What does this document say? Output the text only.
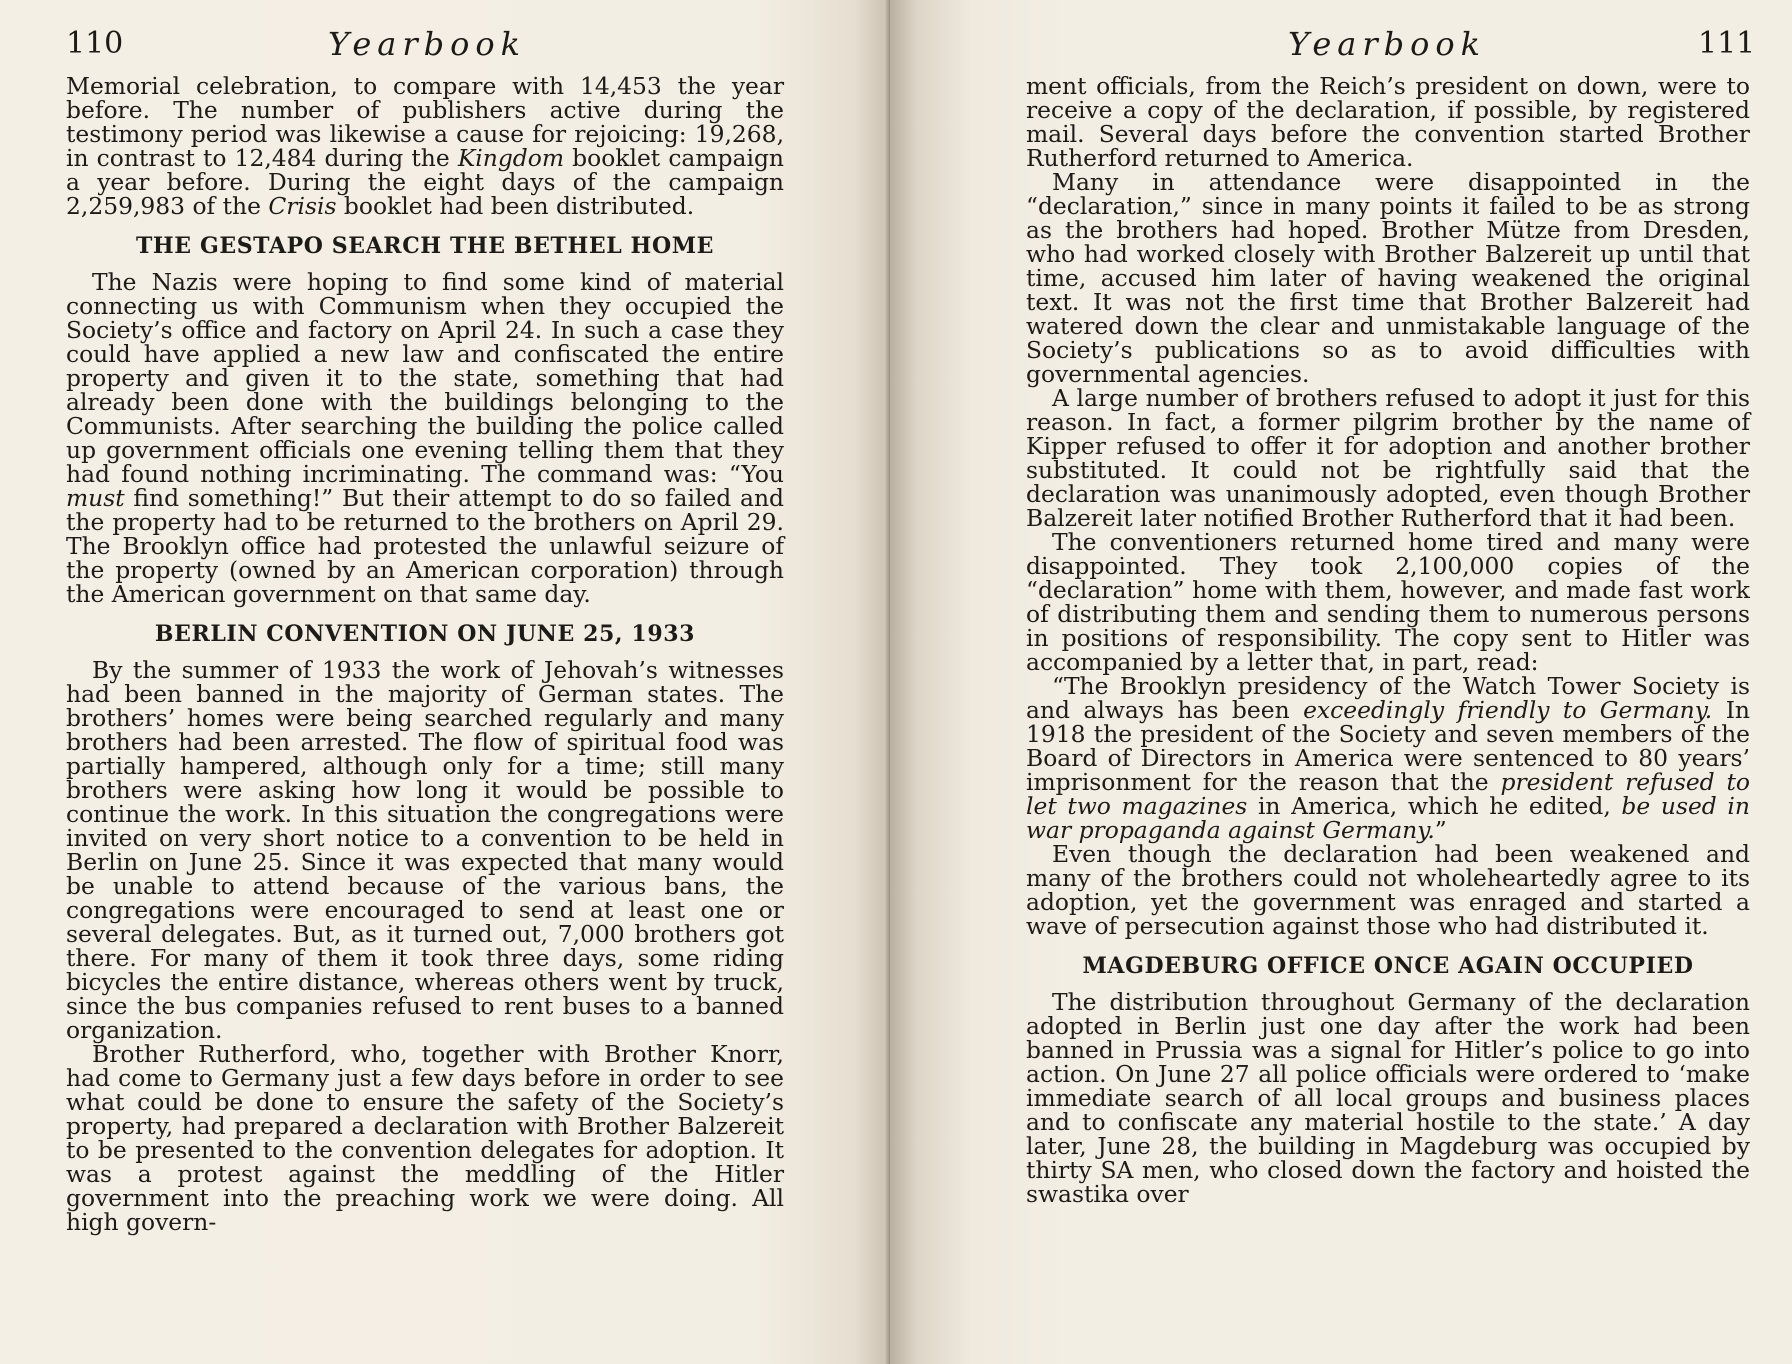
110	Yearbook

Memorial celebration, to compare with 14,453 the year before. The number of publishers active during the testimony period was likewise a cause for rejoicing: 19,268, in contrast to 12,484 during the Kingdom booklet campaign a year before. During the eight days of the campaign 2,259,983 of the Crisis booklet had been distributed.

THE GESTAPO SEARCH THE BETHEL HOME

The Nazis were hoping to find some kind of material connecting us with Communism when they occupied the Society’s office and factory on April 24. In such a case they could have applied a new law and confiscated the entire property and given it to the state, something that had already been done with the buildings belonging to the Communists. After searching the building the police called up government officials one evening telling them that they had found nothing incriminating. The command was: “You must find something!” But their attempt to do so failed and the property had to be returned to the brothers on April 29. The Brooklyn office had protested the unlawful seizure of the property (owned by an American corporation) through the American government on that same day.

BERLIN CONVENTION ON JUNE 25, 1933

By the summer of 1933 the work of Jehovah’s witnesses had been banned in the majority of German states. The brothers’ homes were being searched regularly and many brothers had been arrested. The flow of spiritual food was partially hampered, although only for a time; still many brothers were asking how long it would be possible to continue the work. In this situation the congregations were invited on very short notice to a convention to be held in Berlin on June 25. Since it was expected that many would be unable to attend because of the various bans, the congregations were encouraged to send at least one or several delegates. But, as it turned out, 7,000 brothers got there. For many of them it took three days, some riding bicycles the entire distance, whereas others went by truck, since the bus companies refused to rent buses to a banned organization.

Brother Rutherford, who, together with Brother Knorr, had come to Germany just a few days before in order to see what could be done to ensure the safety of the Society’s property, had prepared a declaration with Brother Balzereit to be presented to the convention delegates for adoption. It was a protest against the meddling of the Hitler government into the preaching work we were doing. All high govern-

Yearbook	111

ment officials, from the Reich’s president on down, were to receive a copy of the declaration, if possible, by registered mail. Several days before the convention started Brother Rutherford returned to America.

Many in attendance were disappointed in the “declaration,” since in many points it failed to be as strong as the brothers had hoped. Brother Mütze from Dresden, who had worked closely with Brother Balzereit up until that time, accused him later of having weakened the original text. It was not the first time that Brother Balzereit had watered down the clear and unmistakable language of the Society’s publications so as to avoid difficulties with governmental agencies.

A large number of brothers refused to adopt it just for this reason. In fact, a former pilgrim brother by the name of Kipper refused to offer it for adoption and another brother substituted. It could not be rightfully said that the declaration was unanimously adopted, even though Brother Balzereit later notified Brother Rutherford that it had been.

The conventioners returned home tired and many were disappointed. They took 2,100,000 copies of the “declaration” home with them, however, and made fast work of distributing them and sending them to numerous persons in positions of responsibility. The copy sent to Hitler was accompanied by a letter that, in part, read:

“The Brooklyn presidency of the Watch Tower Society is and always has been exceedingly friendly to Germany. In 1918 the president of the Society and seven members of the Board of Directors in America were sentenced to 80 years’ imprisonment for the reason that the president refused to let two magazines in America, which he edited, be used in war propaganda against Germany.”

Even though the declaration had been weakened and many of the brothers could not wholeheartedly agree to its adoption, yet the government was enraged and started a wave of persecution against those who had distributed it.

MAGDEBURG OFFICE ONCE AGAIN OCCUPIED

The distribution throughout Germany of the declaration adopted in Berlin just one day after the work had been banned in Prussia was a signal for Hitler’s police to go into action. On June 27 all police officials were ordered to ‘make immediate search of all local groups and business places and to confiscate any material hostile to the state.’ A day later, June 28, the building in Magdeburg was occupied by thirty SA men, who closed down the factory and hoisted the swastika over
